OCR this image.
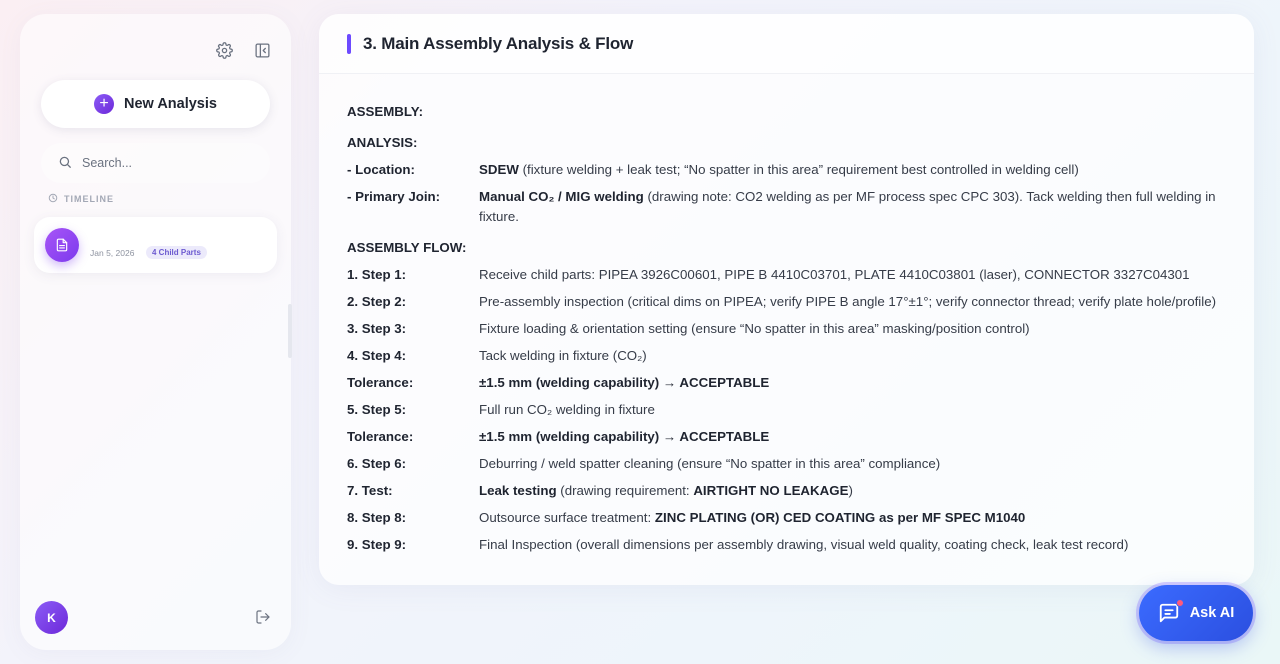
+	New Analysis
Search...
TIMELINE
Jan 5, 2026	4 Child Parts
K
3. Main Assembly Analysis & Flow
ASSEMBLY:
ANALYSIS:
- Location:	SDEW (fixture welding + leak test; “No spatter in this area” requirement best controlled in welding cell)
- Primary Join:	Manual CO₂ / MIG welding (drawing note: CO2 welding as per MF process spec CPC 303). Tack welding then full welding in fixture.
ASSEMBLY FLOW:
1. Step 1:	Receive child parts: PIPEA 3926C00601, PIPE B 4410C03701, PLATE 4410C03801 (laser), CONNECTOR 3327C04301
2. Step 2:	Pre-assembly inspection (critical dims on PIPEA; verify PIPE B angle 17°±1°; verify connector thread; verify plate hole/profile)
3. Step 3:	Fixture loading & orientation setting (ensure “No spatter in this area” masking/position control)
4. Step 4:	Tack welding in fixture (CO₂)
Tolerance:	±1.5 mm (welding capability) → ACCEPTABLE
5. Step 5:	Full run CO₂ welding in fixture
Tolerance:	±1.5 mm (welding capability) → ACCEPTABLE
6. Step 6:	Deburring / weld spatter cleaning (ensure “No spatter in this area” compliance)
7. Test:	Leak testing (drawing requirement: AIRTIGHT NO LEAKAGE)
8. Step 8:	Outsource surface treatment: ZINC PLATING (OR) CED COATING as per MF SPEC M1040
9. Step 9:	Final Inspection (overall dimensions per assembly drawing, visual weld quality, coating check, leak test record)
Ask AI
